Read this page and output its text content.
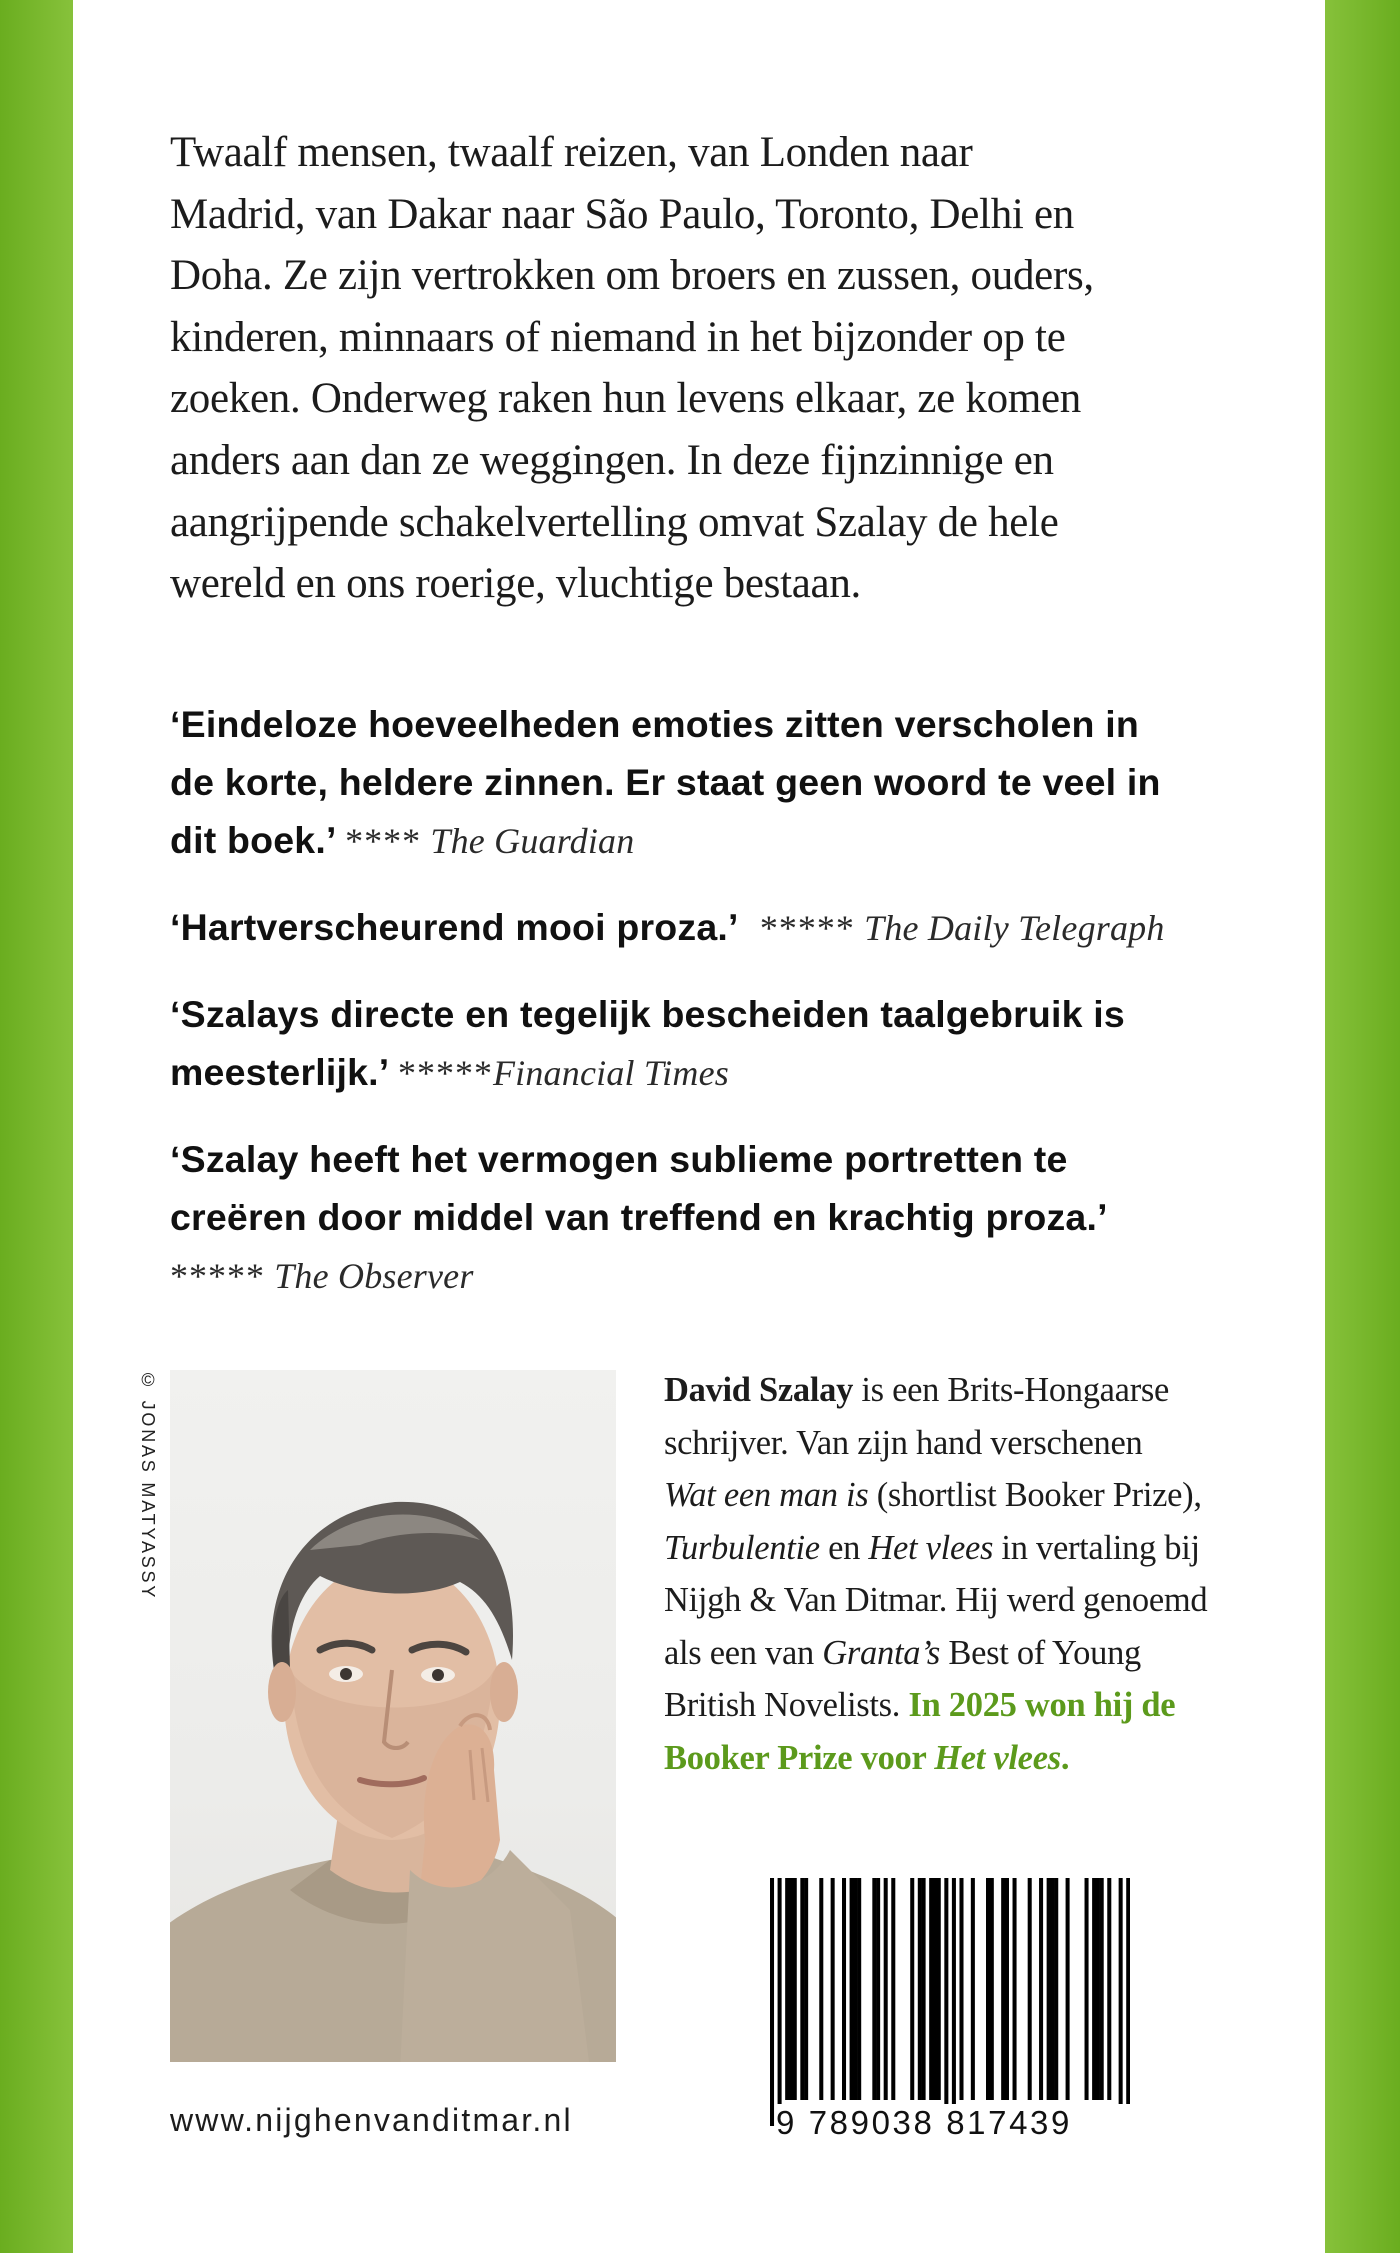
Twaalf mensen, twaalf reizen, van Londen naar
Madrid, van Dakar naar São Paulo, Toronto, Delhi en
Doha. Ze zijn vertrokken om broers en zussen, ouders,
kinderen, minnaars of niemand in het bijzonder op te
zoeken. Onderweg raken hun levens elkaar, ze komen
anders aan dan ze weggingen. In deze fijnzinnige en
aangrijpende schakelvertelling omvat Szalay de hele
wereld en ons roerige, vluchtige bestaan.

‘Eindeloze hoeveelheden emoties zitten verscholen in
de korte, heldere zinnen. Er staat geen woord te veel in
dit boek.’ **** The Guardian

‘Hartverscheurend mooi proza.’ ***** The Daily Telegraph

‘Szalays directe en tegelijk bescheiden taalgebruik is
meesterlijk.’ *****Financial Times

‘Szalay heeft het vermogen sublieme portretten te
creëren door middel van treffend en krachtig proza.’
***** The Observer

© JONAS MATYASSY	David Szalay is een Brits-Hongaarse
schrijver. Van zijn hand verschenen
Wat een man is (shortlist Booker Prize),
Turbulentie en Het vlees in vertaling bij
Nijgh & Van Ditmar. Hij werd genoemd
als een van Granta’s Best of Young
British Novelists. In 2025 won hij de
Booker Prize voor Het vlees.
9 789038 817439
www.nijghenvanditmar.nl
